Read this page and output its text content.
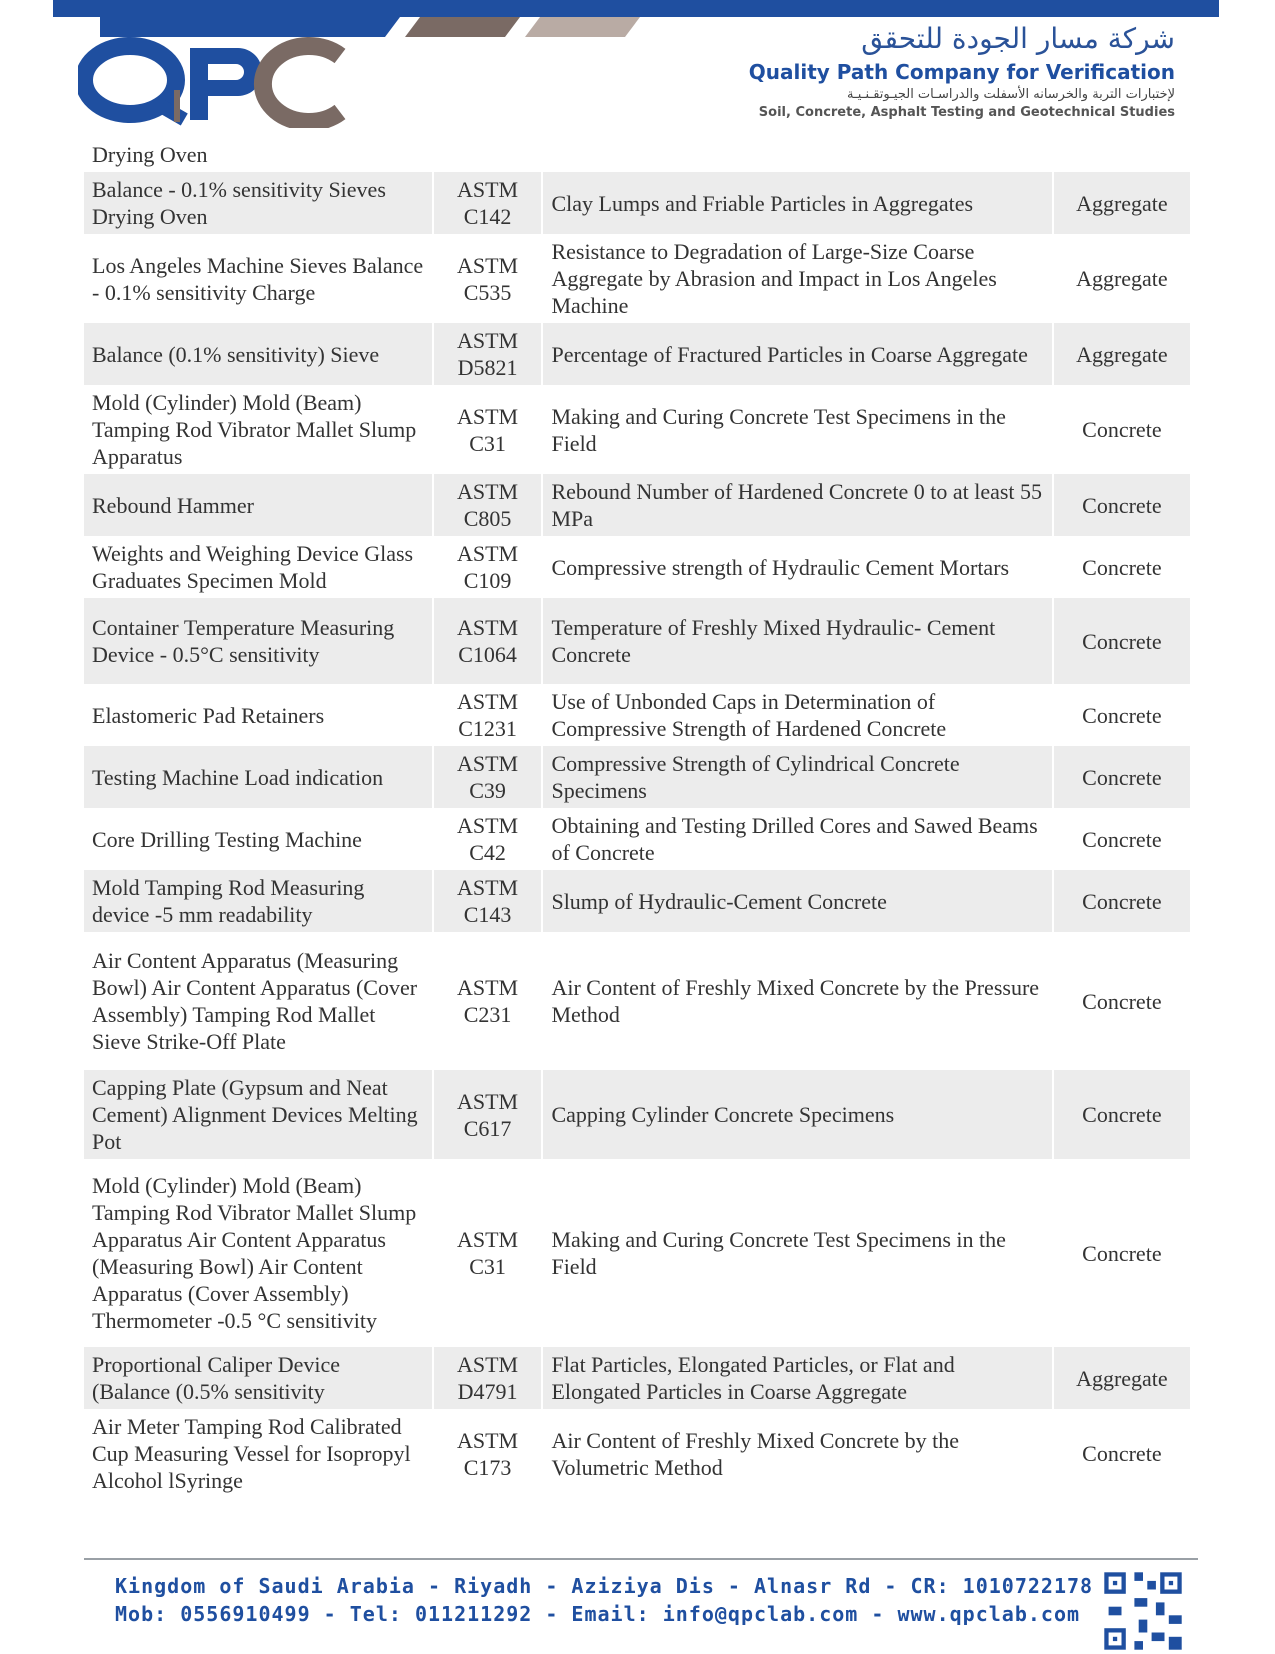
شركة مسار الجودة للتحقق
Quality Path Company for Verification
لإختبارات التربة والخرسانه الأسفلت والدراسـات الجيـوتقـنـيـة
Soil, Concrete, Asphalt Testing and Geotechnical Studies
Drying Oven			
Balance - 0.1% sensitivity Sieves Drying Oven	ASTM C142	Clay Lumps and Friable Particles in Aggregates	Aggregate
Los Angeles Machine Sieves Balance - 0.1% sensitivity Charge	ASTM C535	Resistance to Degradation of Large-Size Coarse Aggregate by Abrasion and Impact in Los Angeles Machine	Aggregate
Balance (0.1% sensitivity) Sieve	ASTM D5821	Percentage of Fractured Particles in Coarse Aggregate	Aggregate
Mold (Cylinder) Mold (Beam) Tamping Rod Vibrator Mallet Slump Apparatus	ASTM C31	Making and Curing Concrete Test Specimens in the Field	Concrete
Rebound Hammer	ASTM C805	Rebound Number of Hardened Concrete 0 to at least 55 MPa	Concrete
Weights and Weighing Device Glass Graduates Specimen Mold	ASTM C109	Compressive strength of Hydraulic Cement Mortars	Concrete
Container Temperature Measuring Device - 0.5°C sensitivity	ASTM C1064	Temperature of Freshly Mixed Hydraulic- Cement Concrete	Concrete
Elastomeric Pad Retainers	ASTM C1231	Use of Unbonded Caps in Determination of Compressive Strength of Hardened Concrete	Concrete
Testing Machine Load indication	ASTM C39	Compressive Strength of Cylindrical Concrete Specimens	Concrete
Core Drilling Testing Machine	ASTM C42	Obtaining and Testing Drilled Cores and Sawed Beams of Concrete	Concrete
Mold Tamping Rod Measuring device -5 mm readability	ASTM C143	Slump of Hydraulic-Cement Concrete	Concrete
Air Content Apparatus (Measuring Bowl) Air Content Apparatus (Cover Assembly) Tamping Rod Mallet Sieve Strike-Off Plate	ASTM C231	Air Content of Freshly Mixed Concrete by the Pressure Method	Concrete
Capping Plate (Gypsum and Neat Cement) Alignment Devices Melting Pot	ASTM C617	Capping Cylinder Concrete Specimens	Concrete
Mold (Cylinder) Mold (Beam) Tamping Rod Vibrator Mallet Slump Apparatus Air Content Apparatus (Measuring Bowl) Air Content Apparatus (Cover Assembly) Thermometer -0.5 °C sensitivity	ASTM C31	Making and Curing Concrete Test Specimens in the Field	Concrete
Proportional Caliper Device (Balance (0.5% sensitivity	ASTM D4791	Flat Particles, Elongated Particles, or Flat and Elongated Particles in Coarse Aggregate	Aggregate
Air Meter Tamping Rod Calibrated Cup Measuring Vessel for Isopropyl Alcohol lSyringe	ASTM C173	Air Content of Freshly Mixed Concrete by the Volumetric Method	Concrete
Kingdom of Saudi Arabia - Riyadh - Aziziya Dis - Alnasr Rd - CR: 1010722178
Mob: 0556910499 - Tel: 011211292 - Email: info@qpclab.com - www.qpclab.com
